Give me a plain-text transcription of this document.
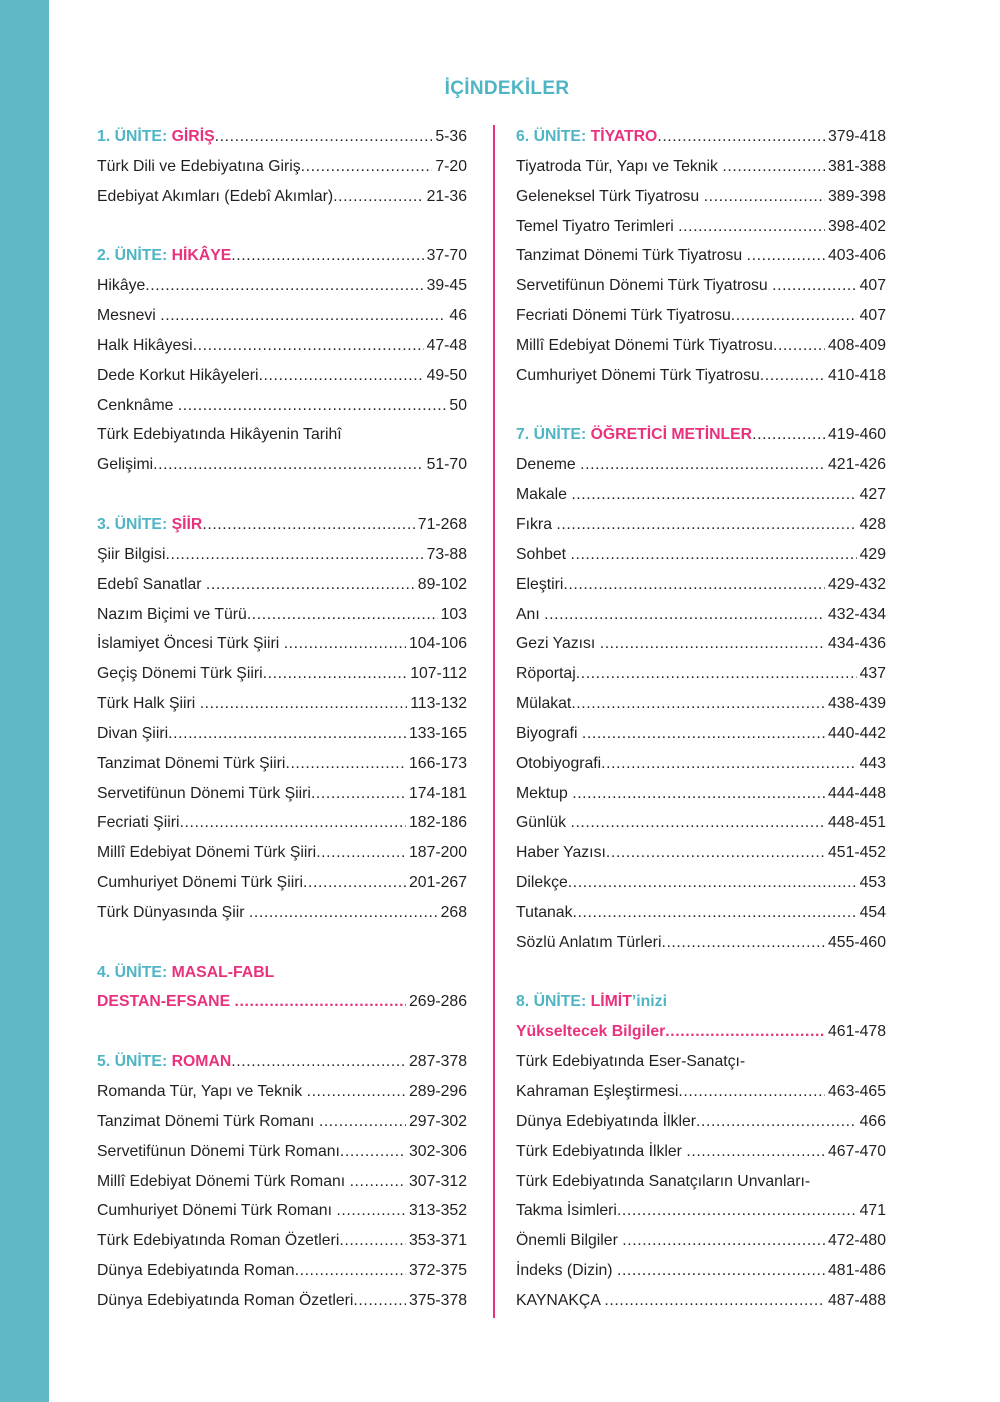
İÇİNDEKİLER
1. ÜNİTE: GİRİŞ .....	5-36
Türk Dili ve Edebiyatına Giriş .....	7-20
Edebiyat Akımları (Edebî Akımlar) .....	21-36
2. ÜNİTE: HİKÂYE .....	37-70
Hikâye .....	39-45
Mesnevi .....	46
Halk Hikâyesi .....	47-48
Dede Korkut Hikâyeleri .....	49-50
Cenknâme .....	50
Türk Edebiyatında Hikâyenin Tarihî
Gelişimi .....	51-70
3. ÜNİTE: ŞİİR .....	71-268
Şiir Bilgisi .....	73-88
Edebî Sanatlar .....	89-102
Nazım Biçimi ve Türü .....	103
İslamiyet Öncesi Türk Şiiri .....	104-106
Geçiş Dönemi Türk Şiiri .....	107-112
Türk Halk Şiiri .....	113-132
Divan Şiiri .....	133-165
Tanzimat Dönemi Türk Şiiri .....	166-173
Servetifünun Dönemi Türk Şiiri .....	174-181
Fecriati Şiiri .....	182-186
Millî Edebiyat Dönemi Türk Şiiri .....	187-200
Cumhuriyet Dönemi Türk Şiiri .....	201-267
Türk Dünyasında Şiir .....	268
4. ÜNİTE: MASAL-FABL
DESTAN-EFSANE .....	269-286
5. ÜNİTE: ROMAN .....	287-378
Romanda Tür, Yapı ve Teknik .....	289-296
Tanzimat Dönemi Türk Romanı .....	297-302
Servetifünun Dönemi Türk Romanı .....	302-306
Millî Edebiyat Dönemi Türk Romanı .....	307-312
Cumhuriyet Dönemi Türk Romanı .....	313-352
Türk Edebiyatında Roman Özetleri .....	353-371
Dünya Edebiyatında Roman .....	372-375
Dünya Edebiyatında Roman Özetleri .....	375-378
6. ÜNİTE: TİYATRO .....	379-418
Tiyatroda Tür, Yapı ve Teknik .....	381-388
Geleneksel Türk Tiyatrosu .....	389-398
Temel Tiyatro Terimleri .....	398-402
Tanzimat Dönemi Türk Tiyatrosu .....	403-406
Servetifünun Dönemi Türk Tiyatrosu .....	407
Fecriati Dönemi Türk Tiyatrosu .....	407
Millî Edebiyat Dönemi Türk Tiyatrosu .....	408-409
Cumhuriyet Dönemi Türk Tiyatrosu .....	410-418
7. ÜNİTE: ÖĞRETİCİ METİNLER .....	419-460
Deneme .....	421-426
Makale .....	427
Fıkra .....	428
Sohbet .....	429
Eleştiri .....	429-432
Anı .....	432-434
Gezi Yazısı .....	434-436
Röportaj .....	437
Mülakat .....	438-439
Biyografi .....	440-442
Otobiyografi .....	443
Mektup .....	444-448
Günlük .....	448-451
Haber Yazısı .....	451-452
Dilekçe .....	453
Tutanak .....	454
Sözlü Anlatım Türleri .....	455-460
8. ÜNİTE: LİMİT’inizi
Yükseltecek Bilgiler .....	461-478
Türk Edebiyatında Eser-Sanatçı-
Kahraman Eşleştirmesi .....	463-465
Dünya Edebiyatında İlkler .....	466
Türk Edebiyatında İlkler .....	467-470
Türk Edebiyatında Sanatçıların Unvanları-
Takma İsimleri .....	471
Önemli Bilgiler .....	472-480
İndeks (Dizin) .....	481-486
KAYNAKÇA .....	487-488
